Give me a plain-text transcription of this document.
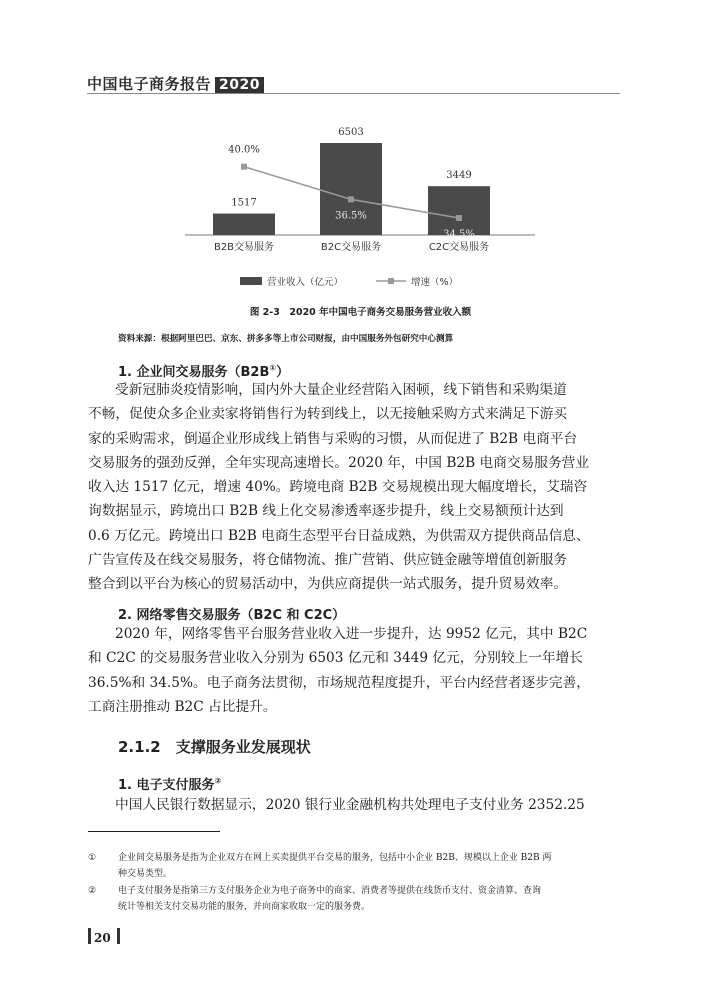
中国电子商务报告 2020
1517
B2B交易服务
40.0%
6503
B2C交易服务
36.5%
3449
C2C交易服务
34.5%
营业收入（亿元）	增速（%）
图 2-3　2020 年中国电子商务交易服务营业收入额
资料来源：根据阿里巴巴、京东、拼多多等上市公司财报，由中国服务外包研究中心测算
1. 企业间交易服务（B2B①）
受新冠肺炎疫情影响，国内外大量企业经营陷入困顿，线下销售和采购渠道
不畅，促使众多企业卖家将销售行为转到线上，以无接触采购方式来满足下游买
家的采购需求，倒逼企业形成线上销售与采购的习惯，从而促进了 B2B 电商平台
交易服务的强劲反弹，全年实现高速增长。2020 年，中国 B2B 电商交易服务营业
收入达 1517 亿元，增速 40%。跨境电商 B2B 交易规模出现大幅度增长，艾瑞咨
询数据显示，跨境出口 B2B 线上化交易渗透率逐步提升，线上交易额预计达到
0.6 万亿元。跨境出口 B2B 电商生态型平台日益成熟，为供需双方提供商品信息、
广告宣传及在线交易服务，将仓储物流、推广营销、供应链金融等增值创新服务
整合到以平台为核心的贸易活动中，为供应商提供一站式服务，提升贸易效率。
2. 网络零售交易服务（B2C 和 C2C）
2020 年，网络零售平台服务营业收入进一步提升，达 9952 亿元，其中 B2C
和 C2C 的交易服务营业收入分别为 6503 亿元和 3449 亿元，分别较上一年增长
36.5%和 34.5%。电子商务法贯彻，市场规范程度提升，平台内经营者逐步完善，
工商注册推动 B2C 占比提升。
2.1.2　支撑服务业发展现状
1. 电子支付服务②
中国人民银行数据显示，2020 银行业金融机构共处理电子支付业务 2352.25
① 企业间交易服务是指为企业双方在网上买卖提供平台交易的服务，包括中小企业 B2B、规模以上企业 B2B 两
种交易类型。
② 电子支付服务是指第三方支付服务企业为电子商务中的商家、消费者等提供在线货币支付、资金清算、查询
统计等相关支付交易功能的服务，并向商家收取一定的服务费。
20
